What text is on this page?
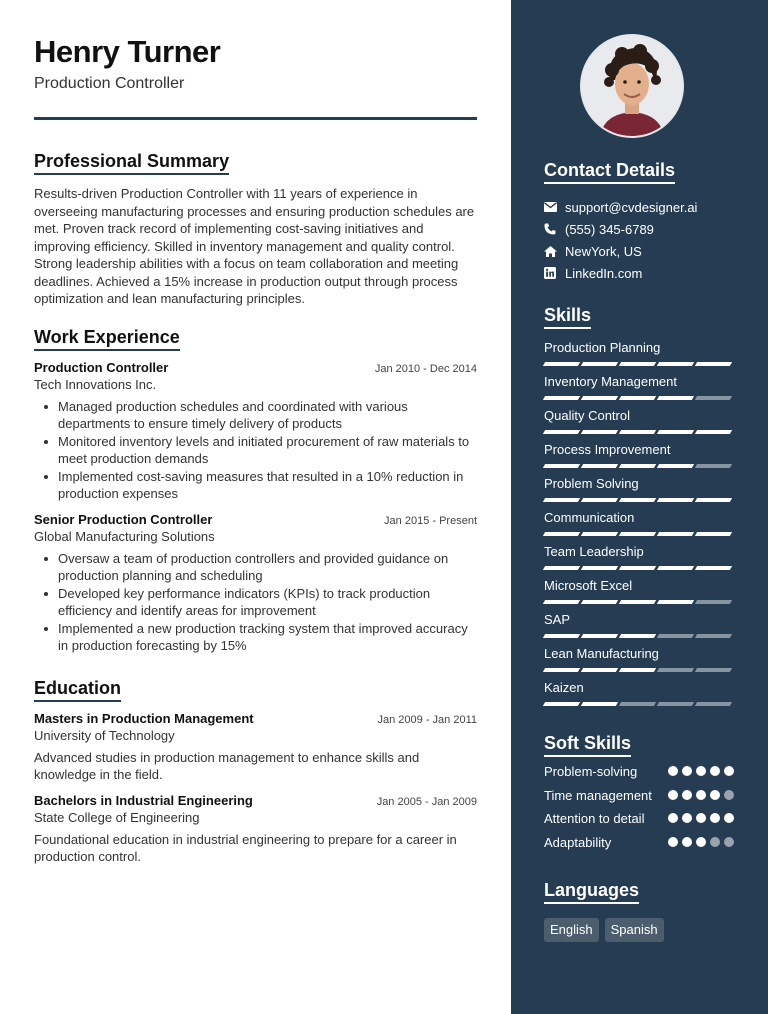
Henry Turner
Production Controller
Professional Summary

Results-driven Production Controller with 11 years of experience in overseeing manufacturing processes and ensuring production schedules are met. Proven track record of implementing cost-saving initiatives and improving efficiency. Skilled in inventory management and quality control. Strong leadership abilities with a focus on team collaboration and meeting deadlines. Achieved a 15% increase in production output through process optimization and lean manufacturing principles.

Work Experience
Production Controller	Jan 2010 - Dec 2014
Tech Innovations Inc.
Managed production schedules and coordinated with various departments to ensure timely delivery of products
Monitored inventory levels and initiated procurement of raw materials to meet production demands
Implemented cost-saving measures that resulted in a 10% reduction in production expenses
Senior Production Controller	Jan 2015 - Present
Global Manufacturing Solutions
Oversaw a team of production controllers and provided guidance on production planning and scheduling
Developed key performance indicators (KPIs) to track production efficiency and identify areas for improvement
Implemented a new production tracking system that improved accuracy in production forecasting by 15%
Education
Masters in Production Management	Jan 2009 - Jan 2011
University of Technology
Advanced studies in production management to enhance skills and knowledge in the field.
Bachelors in Industrial Engineering	Jan 2005 - Jan 2009
State College of Engineering
Foundational education in industrial engineering to prepare for a career in production control.
Contact Details
support@cvdesigner.ai
(555) 345-6789
NewYork, US
LinkedIn.com
Skills
Production Planning
Inventory Management
Quality Control
Process Improvement
Problem Solving
Communication
Team Leadership
Microsoft Excel
SAP
Lean Manufacturing
Kaizen
Soft Skills
Problem-solving
Time management
Attention to detail
Adaptability
Languages
English	Spanish
